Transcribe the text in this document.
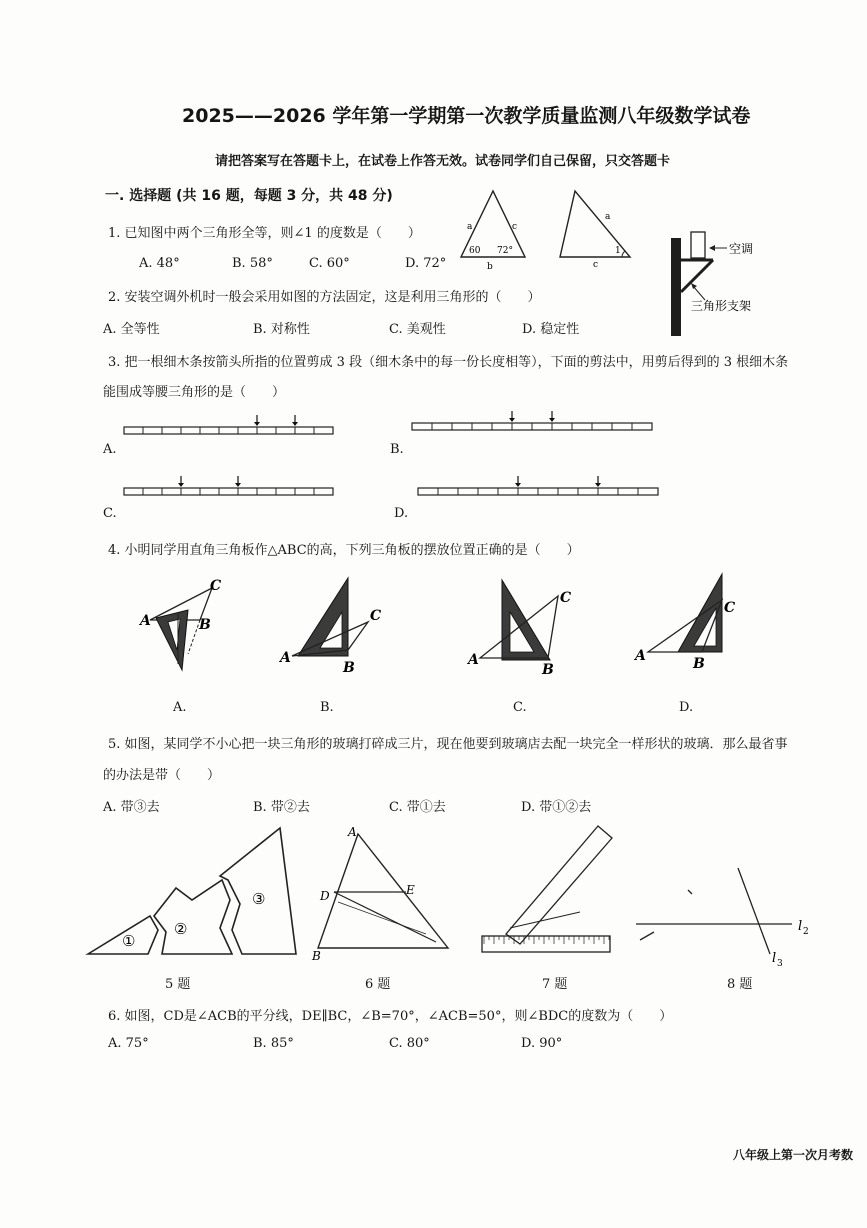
2025——2026 学年第一学期第一次教学质量监测八年级数学试卷
请把答案写在答题卡上，在试卷上作答无效。试卷同学们自己保留，只交答题卡
一. 选择题 (共 16 题，每题 3 分，共 48 分)
1. 已知图中两个三角形全等，则∠1 的度数是（　　）
A. 48°	B. 58°	C. 60°	D. 72°
a	c
b
60 72°
a
c
1
2. 安装空调外机时一般会采用如图的方法固定，这是利用三角形的（　　）
A. 全等性	B. 对称性	C. 美观性	D. 稳定性
空调
三角形支架
3. 把一根细木条按箭头所指的位置剪成 3 段（细木条中的每一份长度相等），下面的剪法中，用剪后得到的 3 根细木条
能围成等腰三角形的是（　　）
A.	B.
C.	D.
4. 小明同学用直角三角板作△ABC的高，下列三角板的摆放位置正确的是（　　）
A	B
C
A
B
C
A
B
C
A	B
C
A.	B.	C.	D.
5. 如图，某同学不小心把一块三角形的玻璃打碎成三片，现在他要到玻璃店去配一块完全一样形状的玻璃．那么最省事
的办法是带（　　）
A. 带③去	B. 带②去	C. 带①去	D. 带①②去
①
②
③
A
D	E
B
l 2
l 3
5 题	6 题	7 题	8 题
6. 如图，CD是∠ACB的平分线，DE∥BC，∠B=70°，∠ACB=50°，则∠BDC的度数为（　　）
A. 75°	B. 85°	C. 80°	D. 90°
八年级上第一次月考数
